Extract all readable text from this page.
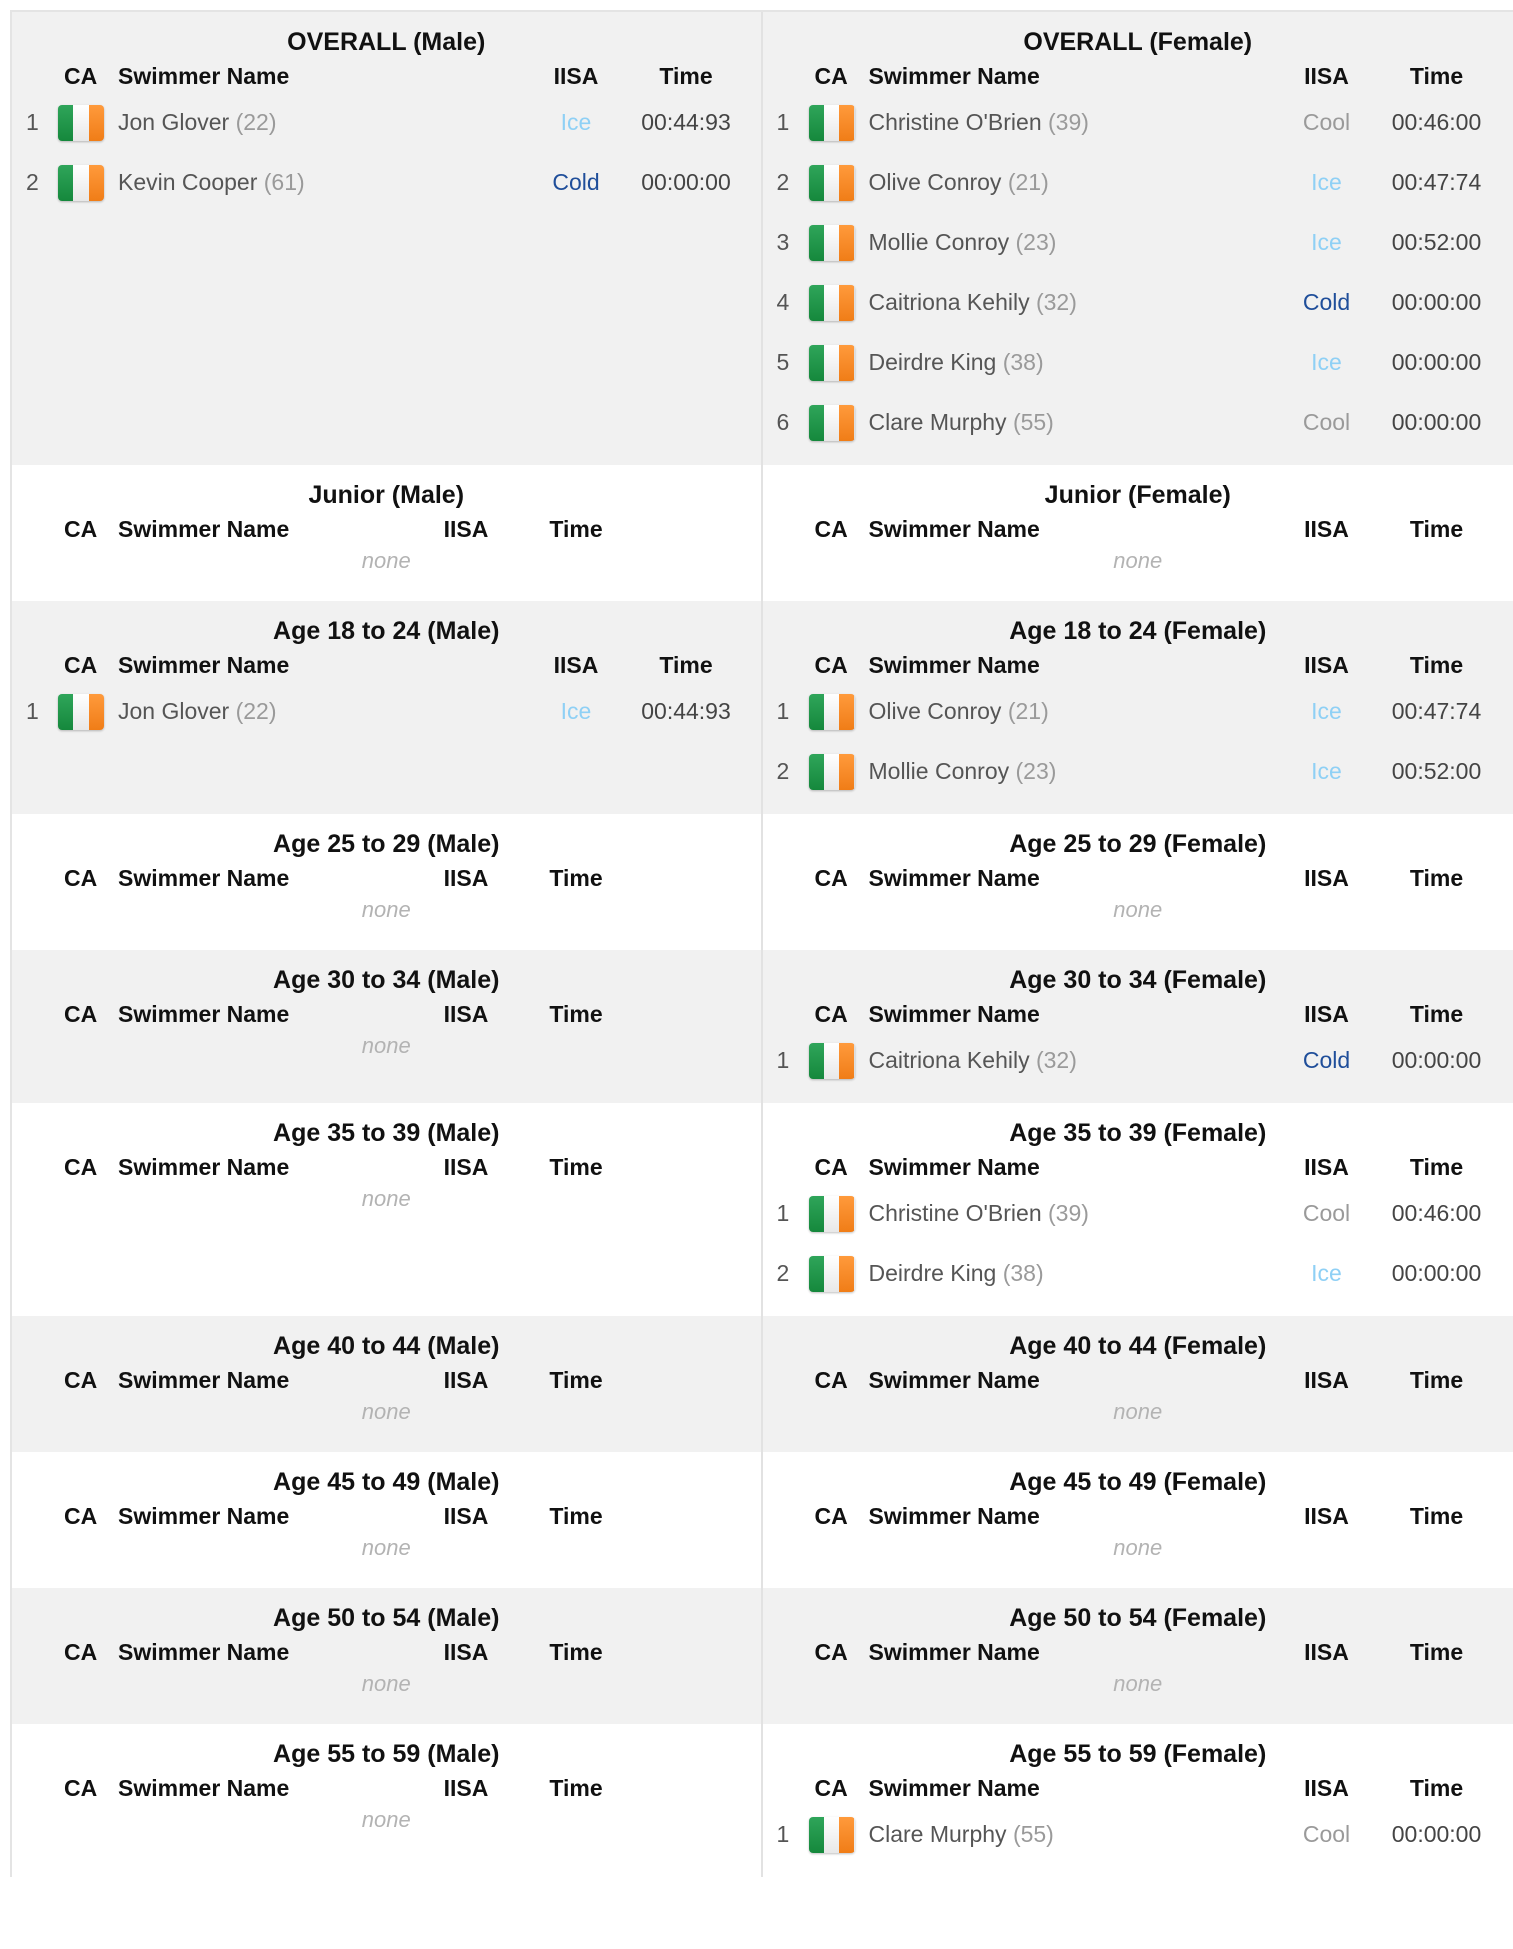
OVERALL (Male)
CA Swimmer Name	IISA	Time
1	Jon Glover (22)	Ice 00:44:93
2	Kevin Cooper (61)	Cold 00:00:00
OVERALL (Female)
CA Swimmer Name	IISA	Time
1	Christine O'Brien (39)	Cool 00:46:00
2	Olive Conroy (21)	Ice 00:47:74
3	Mollie Conroy (23)	Ice 00:52:00
4	Caitriona Kehily (32)	Cold 00:00:00
5	Deirdre King (38)	Ice 00:00:00
6	Clare Murphy (55)	Cool 00:00:00
Junior (Male)
CA Swimmer Name	IISA	Time
none
Junior (Female)
CA Swimmer Name	IISA	Time
none
Age 18 to 24 (Male)
CA Swimmer Name	IISA	Time
1	Jon Glover (22)	Ice 00:44:93
Age 18 to 24 (Female)
CA Swimmer Name	IISA	Time
1	Olive Conroy (21)	Ice 00:47:74
2	Mollie Conroy (23)	Ice 00:52:00
Age 25 to 29 (Male)
CA Swimmer Name	IISA	Time
none
Age 25 to 29 (Female)
CA Swimmer Name	IISA	Time
none
Age 30 to 34 (Male)
CA Swimmer Name	IISA	Time
none
Age 30 to 34 (Female)
CA Swimmer Name	IISA	Time
1	Caitriona Kehily (32)	Cold 00:00:00
Age 35 to 39 (Male)
CA Swimmer Name	IISA	Time
none
Age 35 to 39 (Female)
CA Swimmer Name	IISA	Time
1	Christine O'Brien (39)	Cool 00:46:00
2	Deirdre King (38)	Ice 00:00:00
Age 40 to 44 (Male)
CA Swimmer Name	IISA	Time
none
Age 40 to 44 (Female)
CA Swimmer Name	IISA	Time
none
Age 45 to 49 (Male)
CA Swimmer Name	IISA	Time
none
Age 45 to 49 (Female)
CA Swimmer Name	IISA	Time
none
Age 50 to 54 (Male)
CA Swimmer Name	IISA	Time
none
Age 50 to 54 (Female)
CA Swimmer Name	IISA	Time
none
Age 55 to 59 (Male)
CA Swimmer Name	IISA	Time
none
Age 55 to 59 (Female)
CA Swimmer Name	IISA	Time
1	Clare Murphy (55)	Cool 00:00:00
